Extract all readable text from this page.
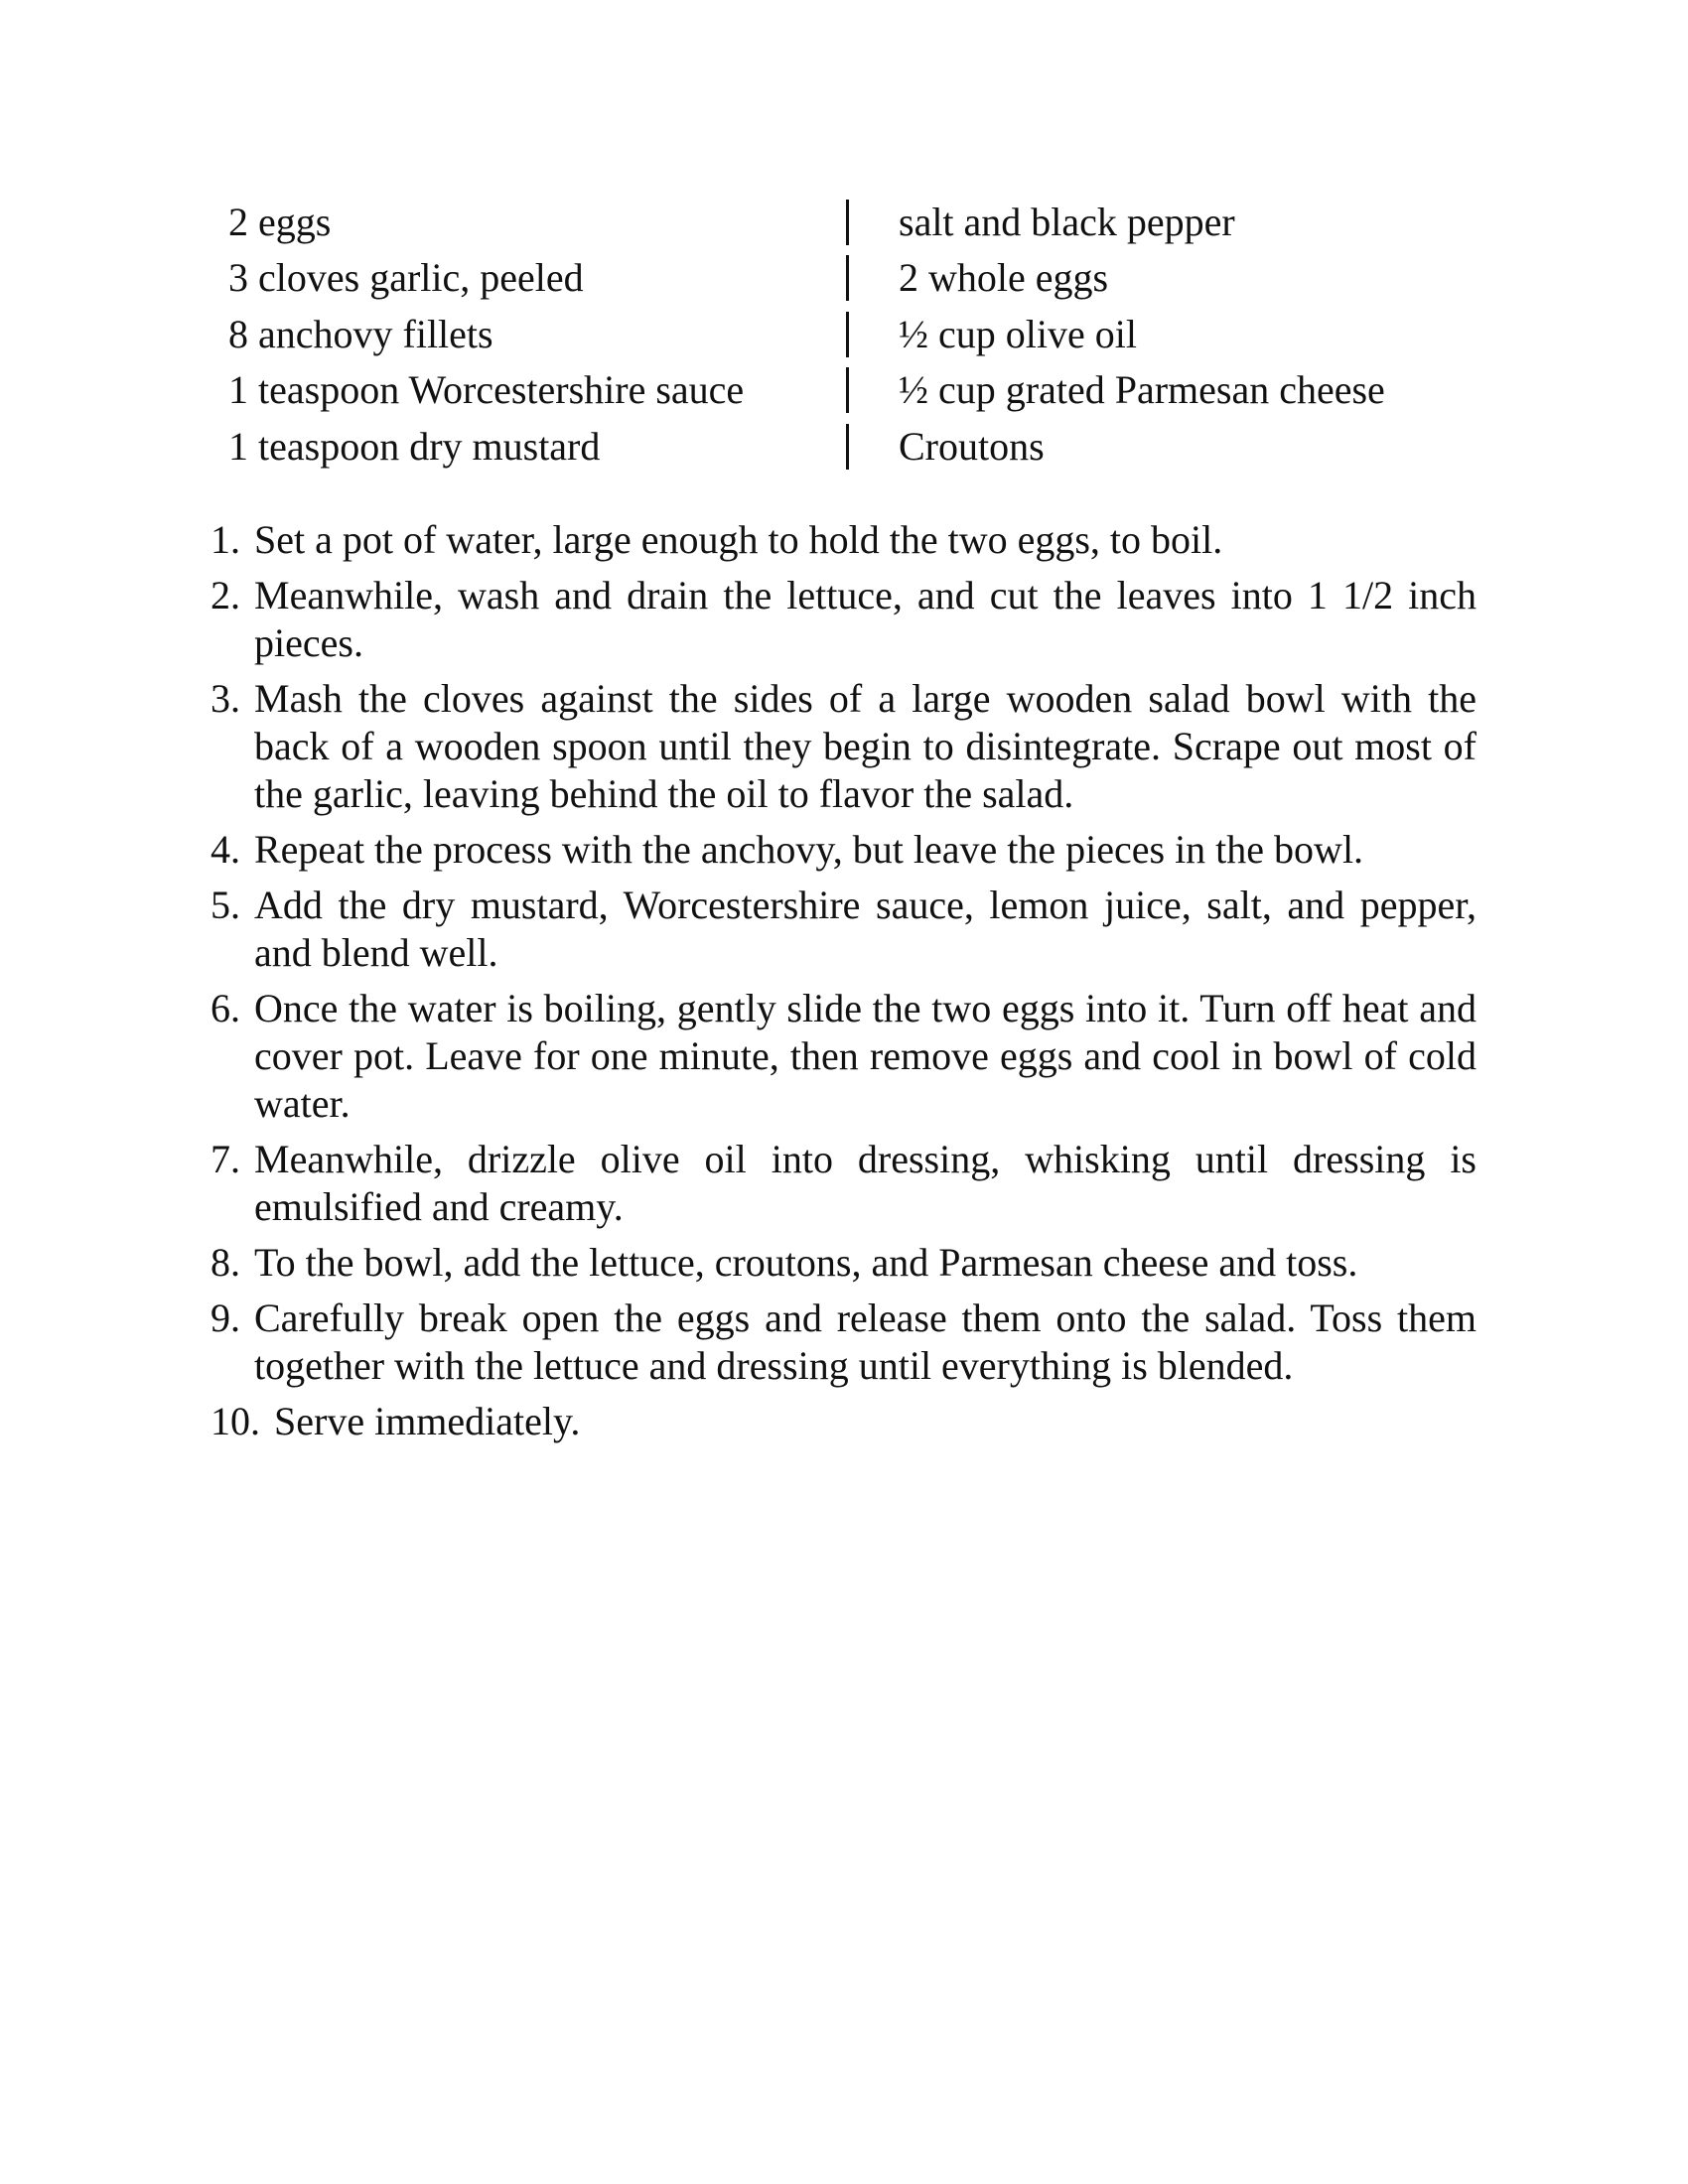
2 eggs
3 cloves garlic, peeled
8 anchovy fillets
1 teaspoon Worcestershire sauce
1 teaspoon dry mustard
salt and black pepper
2 whole eggs
½ cup olive oil
½ cup grated Parmesan cheese
Croutons
1. Set a pot of water, large enough to hold the two eggs, to boil.
2. Meanwhile, wash and drain the lettuce, and cut the leaves into 1 1/2 inch pieces.
3. Mash the cloves against the sides of a large wooden salad bowl with the back of a wooden spoon until they begin to disintegrate. Scrape out most of the garlic, leaving behind the oil to flavor the salad.
4. Repeat the process with the anchovy, but leave the pieces in the bowl.
5. Add the dry mustard, Worcestershire sauce, lemon juice, salt, and pepper, and blend well.
6. Once the water is boiling, gently slide the two eggs into it. Turn off heat and cover pot. Leave for one minute, then remove eggs and cool in bowl of cold water.
7. Meanwhile, drizzle olive oil into dressing, whisking until dressing is emulsified and creamy.
8. To the bowl, add the lettuce, croutons, and Parmesan cheese and toss.
9. Carefully break open the eggs and release them onto the salad. Toss them together with the lettuce and dressing until everything is blended.
10. Serve immediately.
